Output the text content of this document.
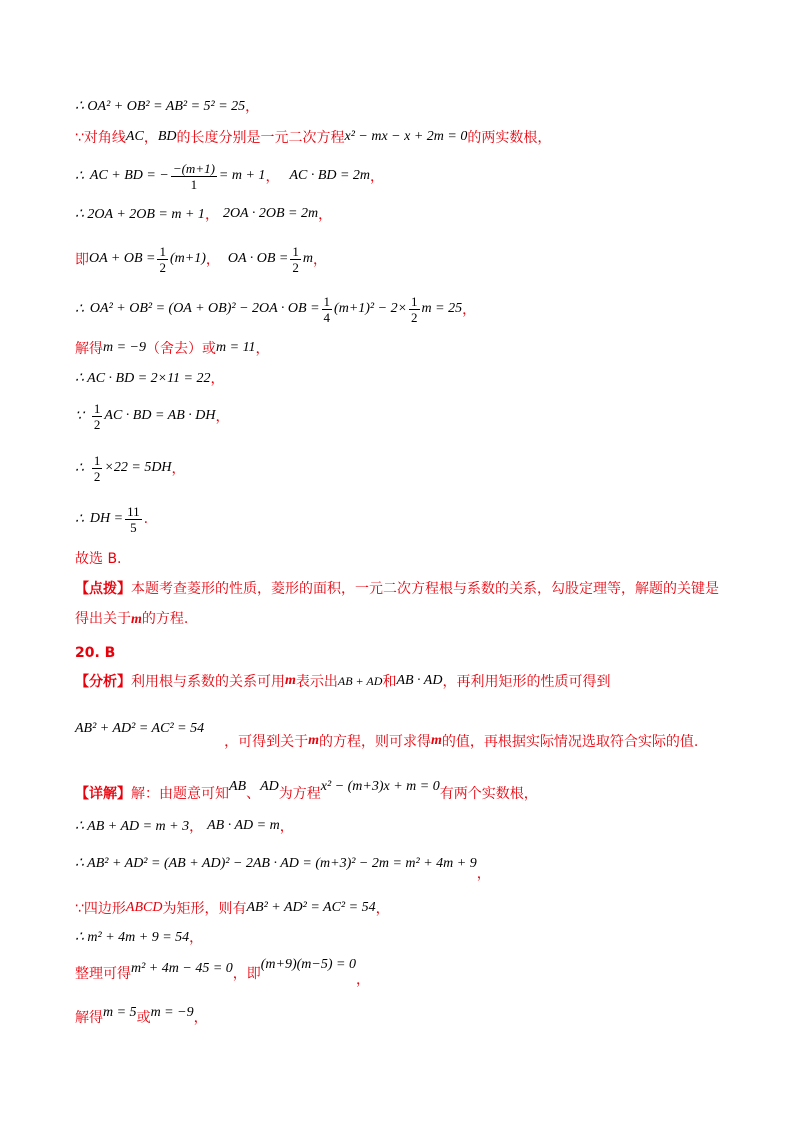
∴ OA² + OB² = AB² = 5² = 25 ，
∵对角线 AC ， BD 的长度分别是一元二次方程 x² − mx − x + 2m = 0 的两实数根，
∴ AC + BD = − $\frac{-(m+1)}{1} = m + 1$ ， AC · BD = 2m ，
∴ 2OA + 2OB = m + 1 ， 2OA · 2OB = 2m ，
即 OA + OB = $\frac{1}{2} (m+1)$ ， OA · OB = $\frac{1}{2}$ m ，
∴ OA² + OB² = (OA + OB)² − 2OA · OB = $\frac{1}{4} (m+1)^2 - 2\times \frac{1}{2}$ m = 25 ，
解得 m = −9 （舍去）或 m = 11 ，
∴ AC · BD = 2×11 = 22 ，
∵ $\frac{1}{2}$ AC · BD = AB · DH ，
∴ $\frac{1}{2} \times 22 = 5DH$ ，
∴ DH = $\frac{11}{5}$ .
故选 B.
【点拨】本题考查菱形的性质，菱形的面积，一元二次方程根与系数的关系，勾股定理等，解题的关键是
得出关于m的方程.
20. B
【分析】 利用根与系数的关系可用 m 表示出 AB + AD 和 AB · AD ，再利用矩形的性质可得到
AB² + AD² = AC² = 54
，可得到关于 m 的方程，则可求得 m 的值，再根据实际情况选取符合实际的值.
【详解】 解：由题意可知 AB 、 AD 为方程 x² − (m+3)x + m = 0 有两个实数根，
∴ AB + AD = m + 3 ， AB · AD = m ，
∴ AB² + AD² = (AB + AD)² − 2AB · AD = (m+3)² − 2m = m² + 4m + 9
，
∵四边形 ABCD 为矩形，则有 AB² + AD² = AC² = 54 ，
∴ m² + 4m + 9 = 54 ，
整理可得 m² + 4m − 45 = 0 ，即
(m+9)(m−5) = 0
，
解得 m = 5 或 m = −9 ，
